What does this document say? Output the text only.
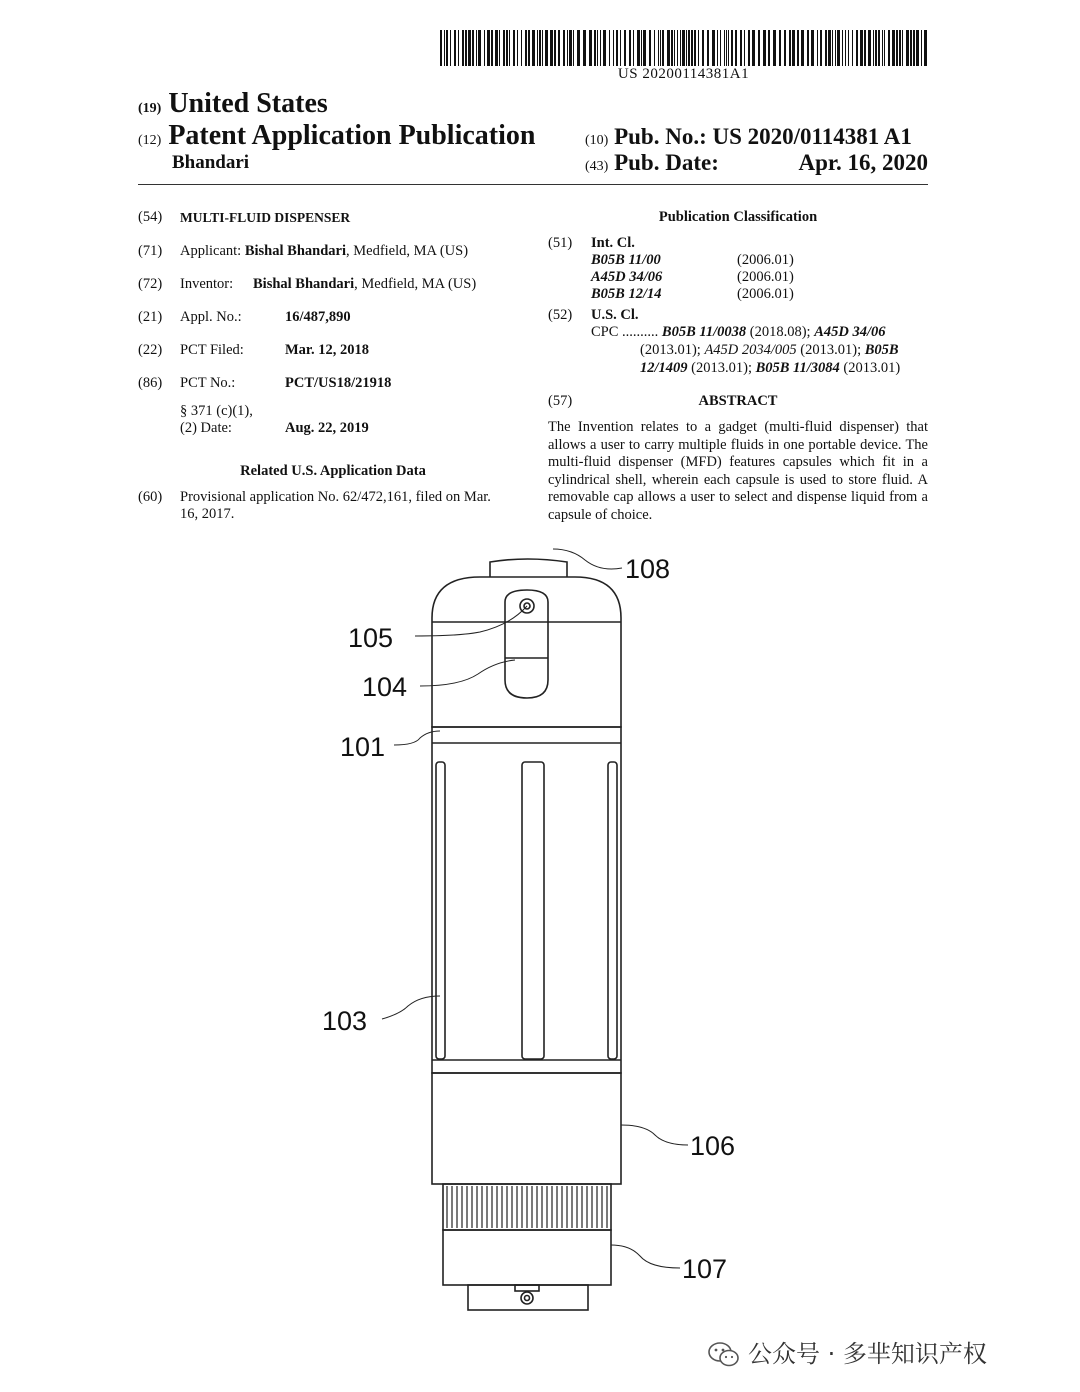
US 20200114381A1
(19) United States
(12) Patent Application Publication
Bhandari
(10) Pub. No.: US 2020/0114381 A1
(43) Pub. Date:	Apr. 16, 2020
(54) MULTI-FLUID DISPENSER
(71) Applicant: Bishal Bhandari, Medfield, MA (US)
(72) Inventor: Bishal Bhandari, Medfield, MA (US)
(21) Appl. No.:	16/487,890
(22) PCT Filed:	Mar. 12, 2018
(86) PCT No.:	PCT/US18/21918
§ 371 (c)(1),
(2) Date:	Aug. 22, 2019
Related U.S. Application Data
(60) Provisional application No. 62/472,161, filed on Mar.
16, 2017.
Publication Classification
(51) Int. Cl.
B05B 11/00	(2006.01)
A45D 34/06	(2006.01)
B05B 12/14	(2006.01)
(52) U.S. Cl.
CPC .......... B05B 11/0038 (2018.08); A45D 34/06
(2013.01); A45D 2034/005 (2013.01); B05B
12/1409 (2013.01); B05B 11/3084 (2013.01)
(57)	ABSTRACT
The Invention relates to a gadget (multi-fluid dispenser) that allows a user to carry multiple fluids in one portable device. The multi-fluid dispenser (MFD) features capsules which fit in a cylindrical shell, wherein each capsule is used to store fluid. A removable cap allows a user to select and dispense liquid from a capsule of choice.
108
105
104
101
103
106
107
公众号 · 多芈知识产权
